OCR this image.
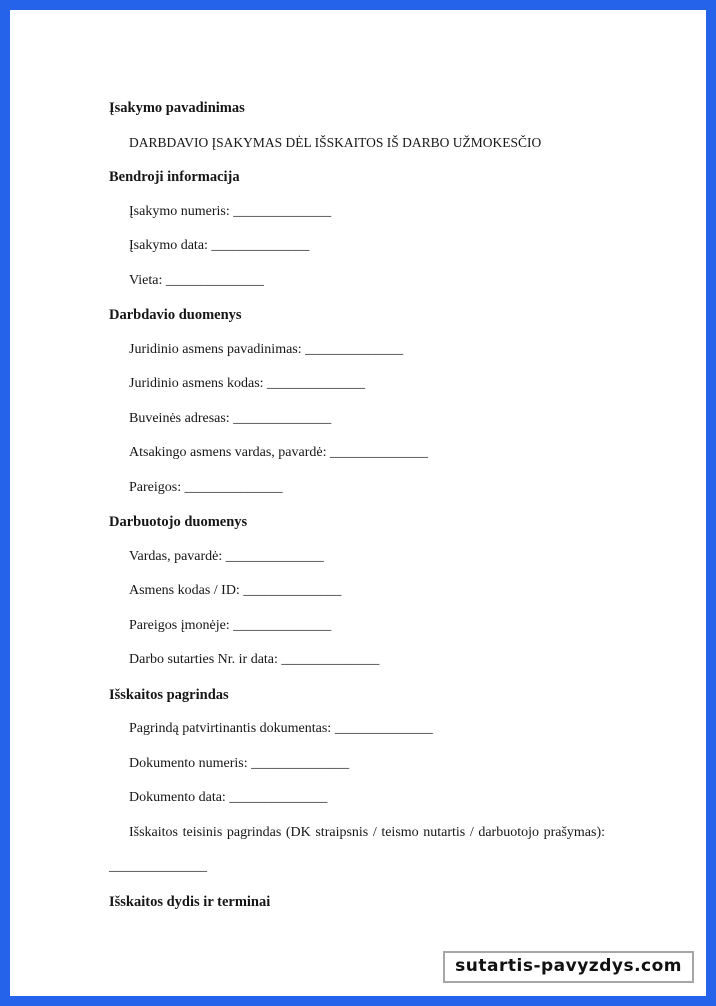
Įsakymo pavadinimas

DARBDAVIO ĮSAKYMAS DĖL IŠSKAITOS IŠ DARBO UŽMOKESČIO

Bendroji informacija

Įsakymo numeris: ______________

Įsakymo data: ______________

Vieta: ______________

Darbdavio duomenys

Juridinio asmens pavadinimas: ______________

Juridinio asmens kodas: ______________

Buveinės adresas: ______________

Atsakingo asmens vardas, pavardė: ______________

Pareigos: ______________

Darbuotojo duomenys

Vardas, pavardė: ______________

Asmens kodas / ID: ______________

Pareigos įmonėje: ______________

Darbo sutarties Nr. ir data: ______________

Išskaitos pagrindas

Pagrindą patvirtinantis dokumentas: ______________

Dokumento numeris: ______________

Dokumento data: ______________

Išskaitos teisinis pagrindas (DK straipsnis / teismo nutartis / darbuotojo prašymas):

______________

Išskaitos dydis ir terminai

sutartis-pavyzdys.com
